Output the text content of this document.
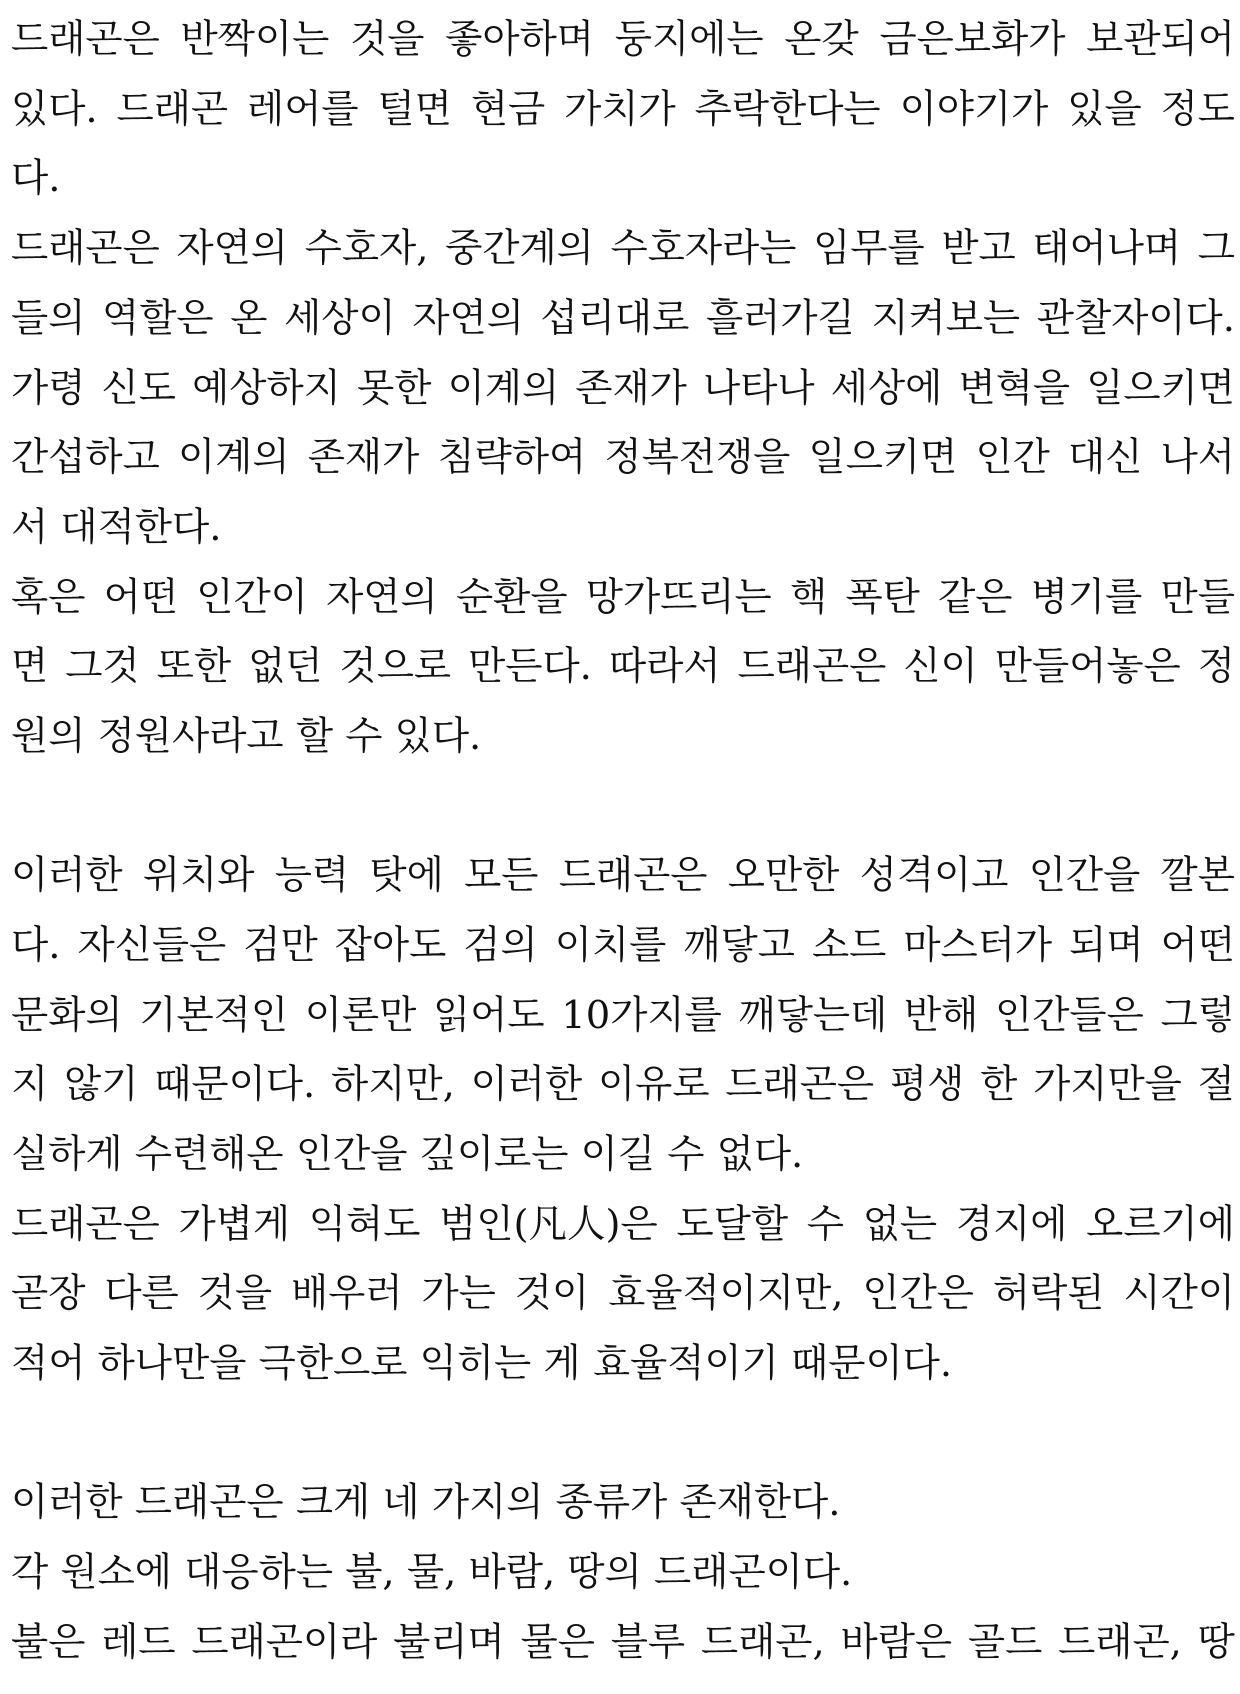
드래곤은 반짝이는 것을 좋아하며 둥지에는 온갖 금은보화가 보관되어
있다. 드래곤 레어를 털면 현금 가치가 추락한다는 이야기가 있을 정도
다.
드래곤은 자연의 수호자, 중간계의 수호자라는 임무를 받고 태어나며 그
들의 역할은 온 세상이 자연의 섭리대로 흘러가길 지켜보는 관찰자이다.
가령 신도 예상하지 못한 이계의 존재가 나타나 세상에 변혁을 일으키면
간섭하고 이계의 존재가 침략하여 정복전쟁을 일으키면 인간 대신 나서
서 대적한다.
혹은 어떤 인간이 자연의 순환을 망가뜨리는 핵 폭탄 같은 병기를 만들
면 그것 또한 없던 것으로 만든다. 따라서 드래곤은 신이 만들어놓은 정
원의 정원사라고 할 수 있다.
이러한 위치와 능력 탓에 모든 드래곤은 오만한 성격이고 인간을 깔본
다. 자신들은 검만 잡아도 검의 이치를 깨닿고 소드 마스터가 되며 어떤
문화의 기본적인 이론만 읽어도 10가지를 깨닿는데 반해 인간들은 그렇
지 않기 때문이다. 하지만, 이러한 이유로 드래곤은 평생 한 가지만을 절
실하게 수련해온 인간을 깊이로는 이길 수 없다.
드래곤은 가볍게 익혀도 범인(凡人)은 도달할 수 없는 경지에 오르기에
곧장 다른 것을 배우러 가는 것이 효율적이지만, 인간은 허락된 시간이
적어 하나만을 극한으로 익히는 게 효율적이기 때문이다.
이러한 드래곤은 크게 네 가지의 종류가 존재한다.
각 원소에 대응하는 불, 물, 바람, 땅의 드래곤이다.
불은 레드 드래곤이라 불리며 물은 블루 드래곤, 바람은 골드 드래곤, 땅
